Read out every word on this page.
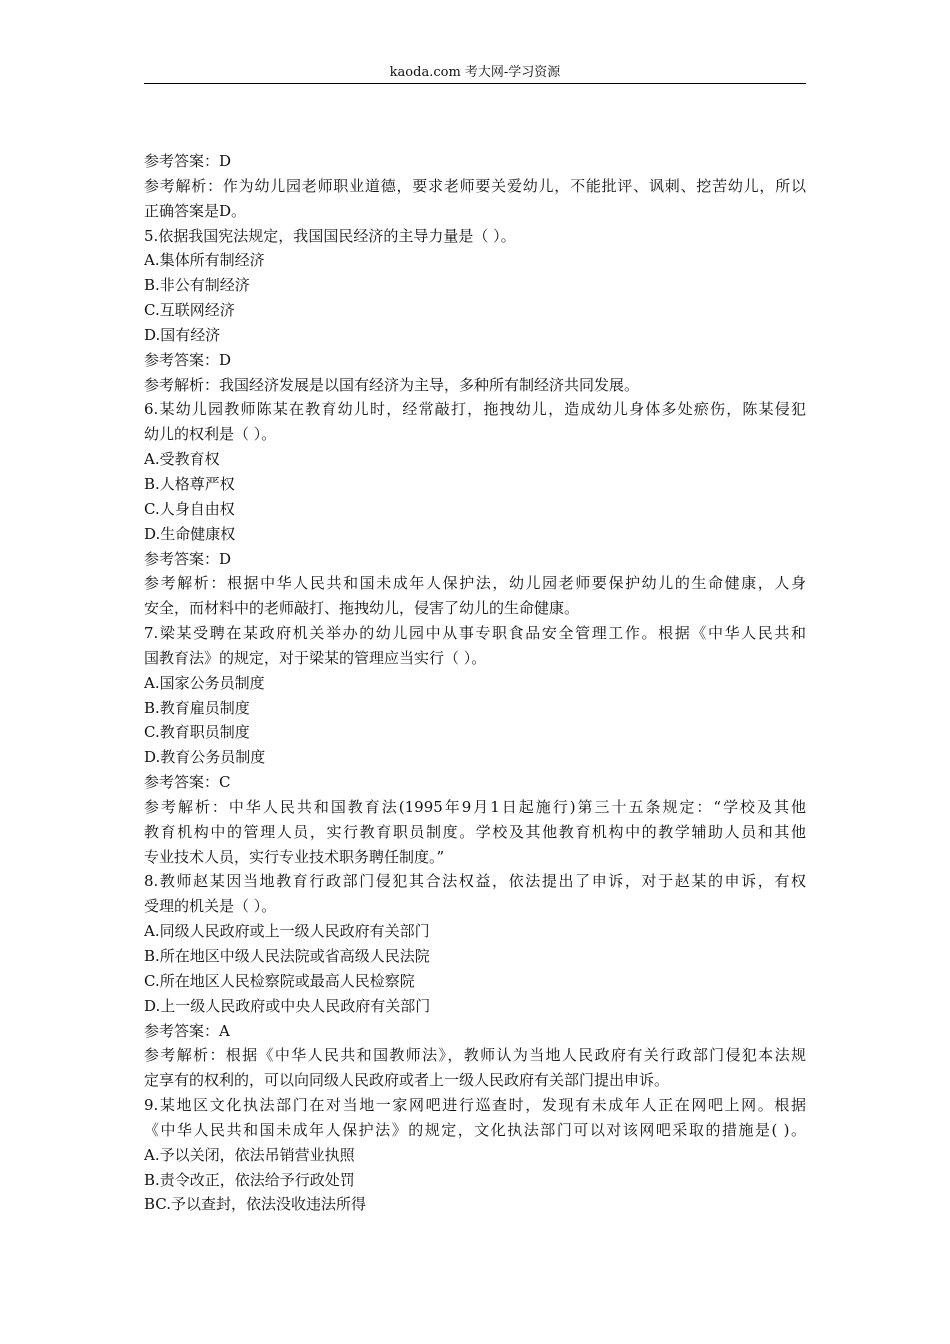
kaoda.com 考大网-学习资源
参考答案：D
参考解析：作为幼儿园老师职业道德，要求老师要关爱幼儿，不能批评、讽刺、挖苦幼儿，所以
正确答案是D。
5.依据我国宪法规定，我国国民经济的主导力量是（ ）。
A.集体所有制经济
B.非公有制经济
C.互联网经济
D.国有经济
参考答案：D
参考解析：我国经济发展是以国有经济为主导，多种所有制经济共同发展。
6.某幼儿园教师陈某在教育幼儿时，经常敲打，拖拽幼儿，造成幼儿身体多处瘀伤，陈某侵犯
幼儿的权利是（ ）。
A.受教育权
B.人格尊严权
C.人身自由权
D.生命健康权
参考答案：D
参考解析：根据中华人民共和国未成年人保护法，幼儿园老师要保护幼儿的生命健康，人身
安全，而材料中的老师敲打、拖拽幼儿，侵害了幼儿的生命健康。
7.梁某受聘在某政府机关举办的幼儿园中从事专职食品安全管理工作。根据《中华人民共和
国教育法》的规定，对于梁某的管理应当实行（ ）。
A.国家公务员制度
B.教育雇员制度
C.教育职员制度
D.教育公务员制度
参考答案：C
参考解析：中华人民共和国教育法(1995年9月1日起施行)第三十五条规定：“学校及其他
教育机构中的管理人员，实行教育职员制度。学校及其他教育机构中的教学辅助人员和其他
专业技术人员，实行专业技术职务聘任制度。”
8.教师赵某因当地教育行政部门侵犯其合法权益，依法提出了申诉，对于赵某的申诉，有权
受理的机关是（ ）。
A.同级人民政府或上一级人民政府有关部门
B.所在地区中级人民法院或省高级人民法院
C.所在地区人民检察院或最高人民检察院
D.上一级人民政府或中央人民政府有关部门
参考答案：A
参考解析：根据《中华人民共和国教师法》，教师认为当地人民政府有关行政部门侵犯本法规
定享有的权利的，可以向同级人民政府或者上一级人民政府有关部门提出申诉。
9.某地区文化执法部门在对当地一家网吧进行巡查时，发现有未成年人正在网吧上网。根据
《中华人民共和国未成年人保护法》的规定，文化执法部门可以对该网吧采取的措施是( )。
A.予以关闭，依法吊销营业执照
B.责令改正，依法给予行政处罚
BC.予以查封，依法没收违法所得
